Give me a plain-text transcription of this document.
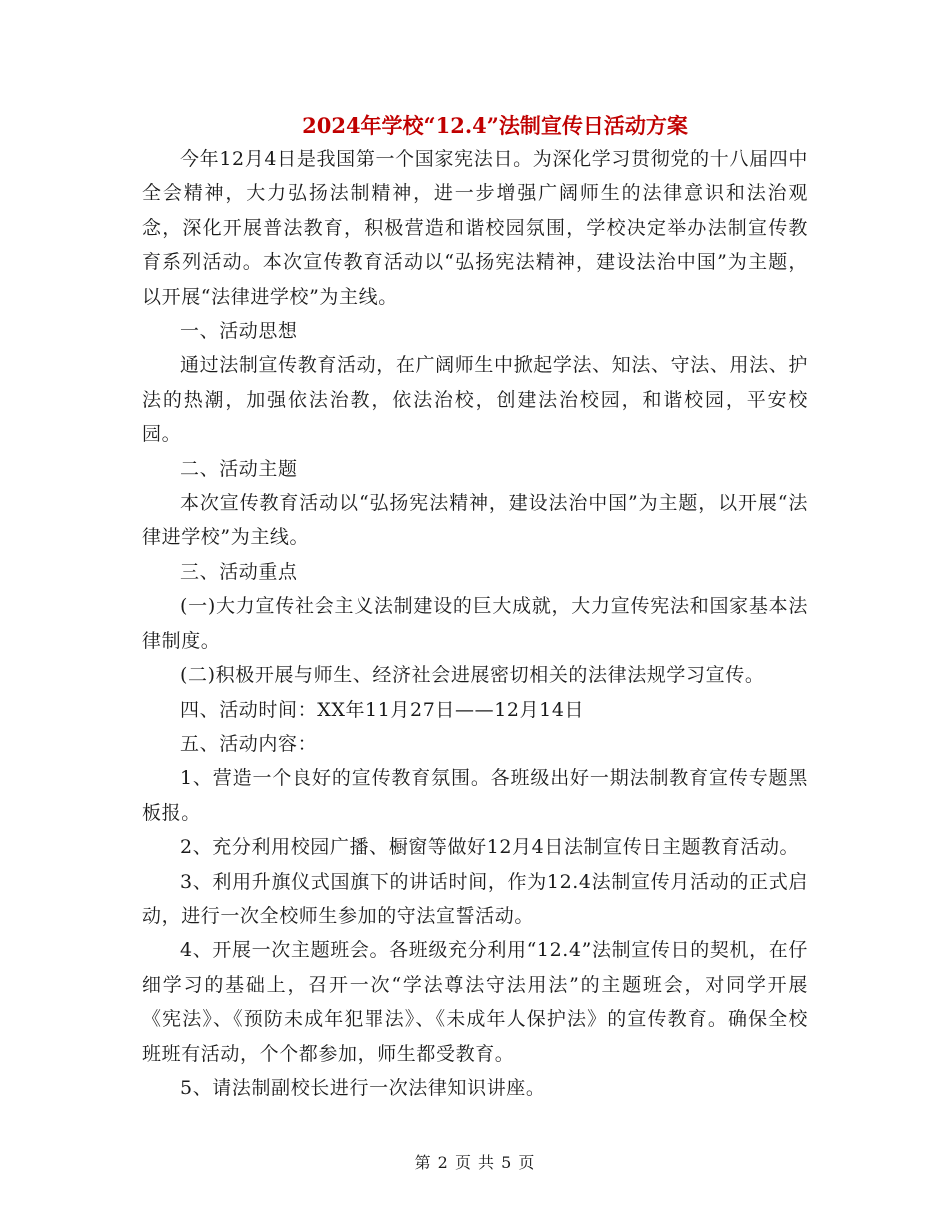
2024年学校“12.4”法制宣传日活动方案

今年12月4日是我国第一个国家宪法日。为深化学习贯彻党的十八届四中全会精神，大力弘扬法制精神，进一步增强广阔师生的法律意识和法治观念，深化开展普法教育，积极营造和谐校园氛围，学校决定举办法制宣传教育系列活动。本次宣传教育活动以“弘扬宪法精神，建设法治中国”为主题，以开展“法律进学校”为主线。

一、活动思想

通过法制宣传教育活动，在广阔师生中掀起学法、知法、守法、用法、护法的热潮，加强依法治教，依法治校，创建法治校园，和谐校园，平安校园。

二、活动主题

本次宣传教育活动以“弘扬宪法精神，建设法治中国”为主题，以开展“法律进学校”为主线。

三、活动重点

(一)大力宣传社会主义法制建设的巨大成就，大力宣传宪法和国家基本法律制度。

(二)积极开展与师生、经济社会进展密切相关的法律法规学习宣传。

四、活动时间：XX年11月27日——12月14日

五、活动内容：

1、营造一个良好的宣传教育氛围。各班级出好一期法制教育宣传专题黑板报。

2、充分利用校园广播、橱窗等做好12月4日法制宣传日主题教育活动。

3、利用升旗仪式国旗下的讲话时间，作为12.4法制宣传月活动的正式启动，进行一次全校师生参加的守法宣誓活动。

4、开展一次主题班会。各班级充分利用“12.4”法制宣传日的契机，在仔细学习的基础上，召开一次“学法尊法守法用法”的主题班会，对同学开展《宪法》、《预防未成年犯罪法》、《未成年人保护法》的宣传教育。确保全校班班有活动，个个都参加，师生都受教育。

5、请法制副校长进行一次法律知识讲座。

第 2 页 共 5 页
